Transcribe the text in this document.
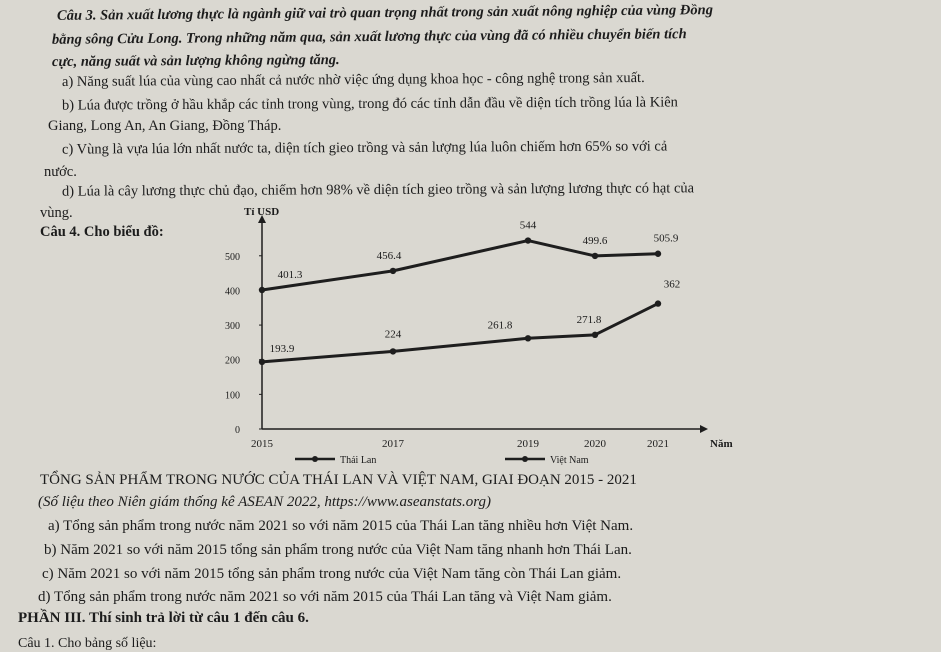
Câu 3. Sản xuất lương thực là ngành giữ vai trò quan trọng nhất trong sản xuất nông nghiệp của vùng Đồng
bằng sông Cửu Long. Trong những năm qua, sản xuất lương thực của vùng đã có nhiều chuyển biến tích
cực, năng suất và sản lượng không ngừng tăng.
a) Năng suất lúa của vùng cao nhất cả nước nhờ việc ứng dụng khoa học - công nghệ trong sản xuất.
b) Lúa được trồng ở hầu khắp các tỉnh trong vùng, trong đó các tỉnh dẫn đầu về diện tích trồng lúa là Kiên
Giang, Long An, An Giang, Đồng Tháp.
c) Vùng là vựa lúa lớn nhất nước ta, diện tích gieo trồng và sản lượng lúa luôn chiếm hơn 65% so với cả
nước.
d) Lúa là cây lương thực chủ đạo, chiếm hơn 98% về diện tích gieo trồng và sản lượng lương thực có hạt của
vùng.
Câu 4. Cho biểu đồ:
Tỉ USD
Năm
0
100
200
300
400
500
2015	2017	2019	2020	2021
401.3
456.4
544
499.6	505.9
193.9
224
261.8	271.8
362
Thái Lan	Việt Nam
TỔNG SẢN PHẨM TRONG NƯỚC CỦA THÁI LAN VÀ VIỆT NAM, GIAI ĐOẠN 2015 - 2021
(Số liệu theo Niên giám thống kê ASEAN 2022, https://www.aseanstats.org)
a) Tổng sản phẩm trong nước năm 2021 so với năm 2015 của Thái Lan tăng nhiều hơn Việt Nam.
b) Năm 2021 so với năm 2015 tổng sản phẩm trong nước của Việt Nam tăng nhanh hơn Thái Lan.
c) Năm 2021 so với năm 2015 tổng sản phẩm trong nước của Việt Nam tăng còn Thái Lan giảm.
d) Tổng sản phẩm trong nước năm 2021 so với năm 2015 của Thái Lan tăng và Việt Nam giảm.
PHẦN III. Thí sinh trả lời từ câu 1 đến câu 6.
Câu 1. Cho bảng số liệu:
